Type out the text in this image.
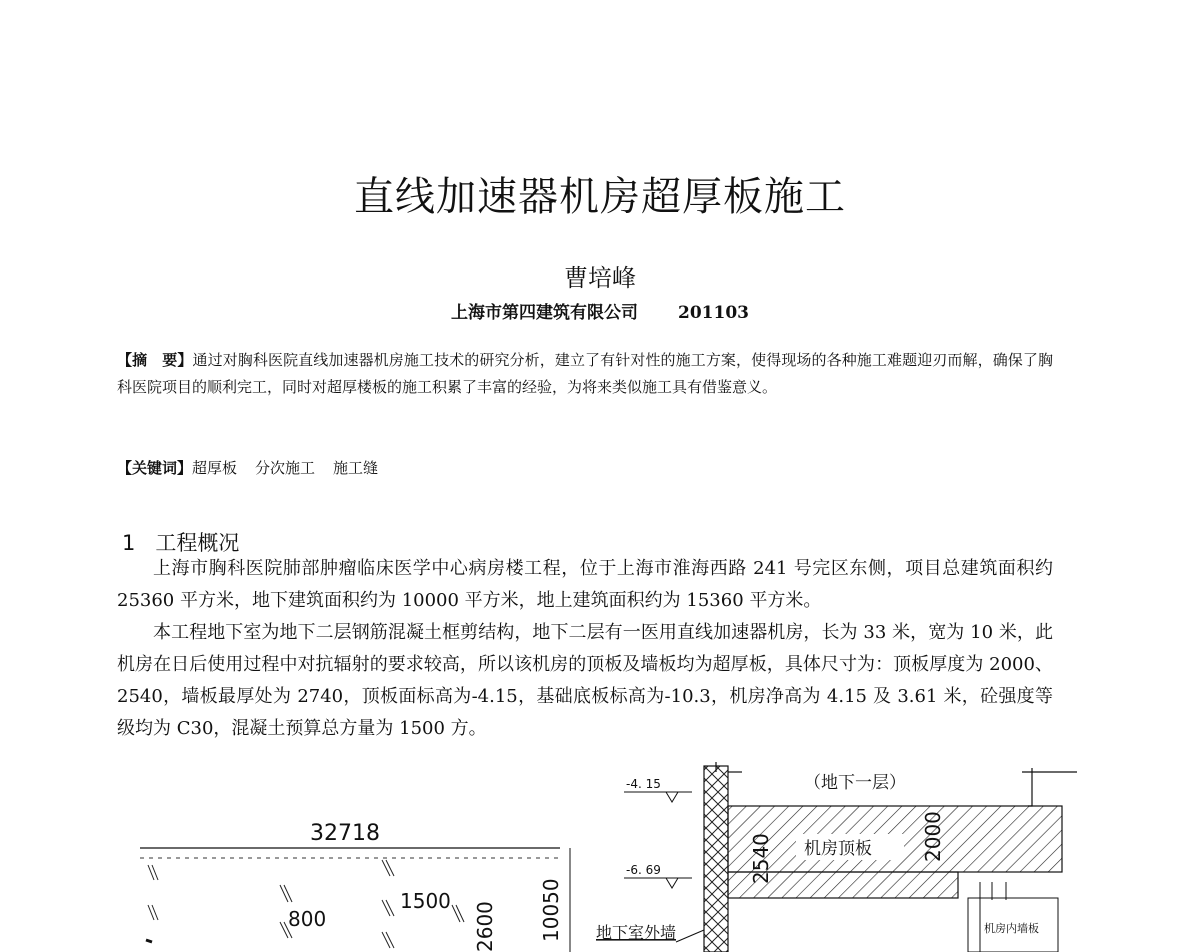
直线加速器机房超厚板施工
曹培峰
上海市第四建筑有限公司 201103
【摘　要】通过对胸科医院直线加速器机房施工技术的研究分析，建立了有针对性的施工方案，使得现场的各种施工难题迎刃而解，确保了胸科医院项目的顺利完工，同时对超厚楼板的施工积累了丰富的经验，为将来类似施工具有借鉴意义。
【关键词】超厚板 分次施工 施工缝
1 工程概况
上海市胸科医院肺部肿瘤临床医学中心病房楼工程，位于上海市淮海西路 241 号完区东侧，项目总建筑面积约 25360 平方米，地下建筑面积约为 10000 平方米，地上建筑面积约为 15360 平方米。
本工程地下室为地下二层钢筋混凝土框剪结构，地下二层有一医用直线加速器机房，长为 33 米，宽为 10 米，此机房在日后使用过程中对抗辐射的要求较高，所以该机房的顶板及墙板均为超厚板，具体尺寸为：顶板厚度为 2000、2540，墙板最厚处为 2740，顶板面标高为-4.15，基础底板标高为-10.3，机房净高为 4.15 及 3.61 米，砼强度等级均为 C30，混凝土预算总方量为 1500 方。
32718
800
1500
2600 10050
-4. 15
-6. 69
（地下一层）
机房顶板
2540	2000
地下室外墙	机房内墙板
